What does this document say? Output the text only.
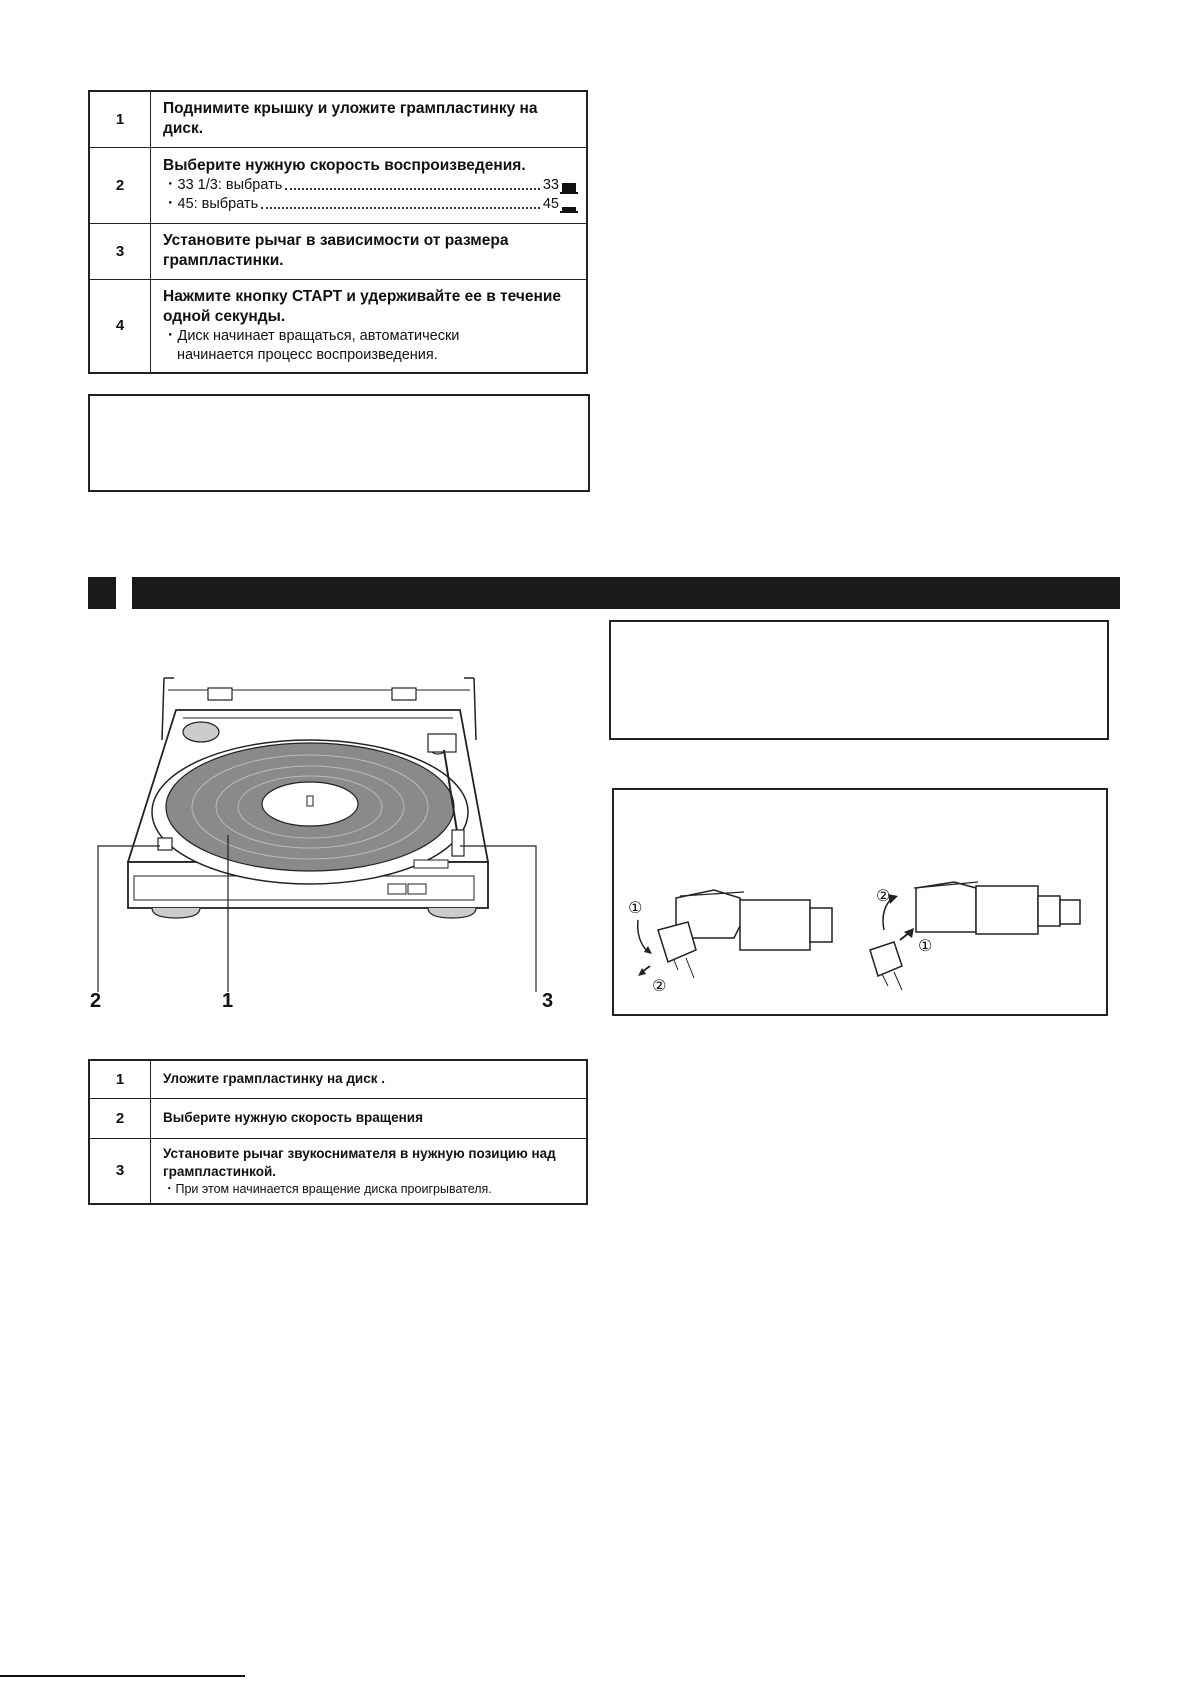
1	Поднимите крышку и уложите грампластинку на диск.

2	Выберите нужную скорость воспроизведения.
・33 1/3: выбрать 33
・45: выбрать 45

3	Установите рычаг в зависимости от размера грампластинки.

4	Нажмите кнопку СТАРТ и удерживайте ее в течение одной секунды.
・Диск начинает вращаться, автоматически
начинается процесс воспроизведения.
2	1	3
①
②
②
①
1	Уложите грампластинку на диск .

2	Выберите нужную скорость вращения

3	Установите рычаг звукоснимателя в нужную позицию над грампластинкой.
・При этом начинается вращение диска проигрывателя.
